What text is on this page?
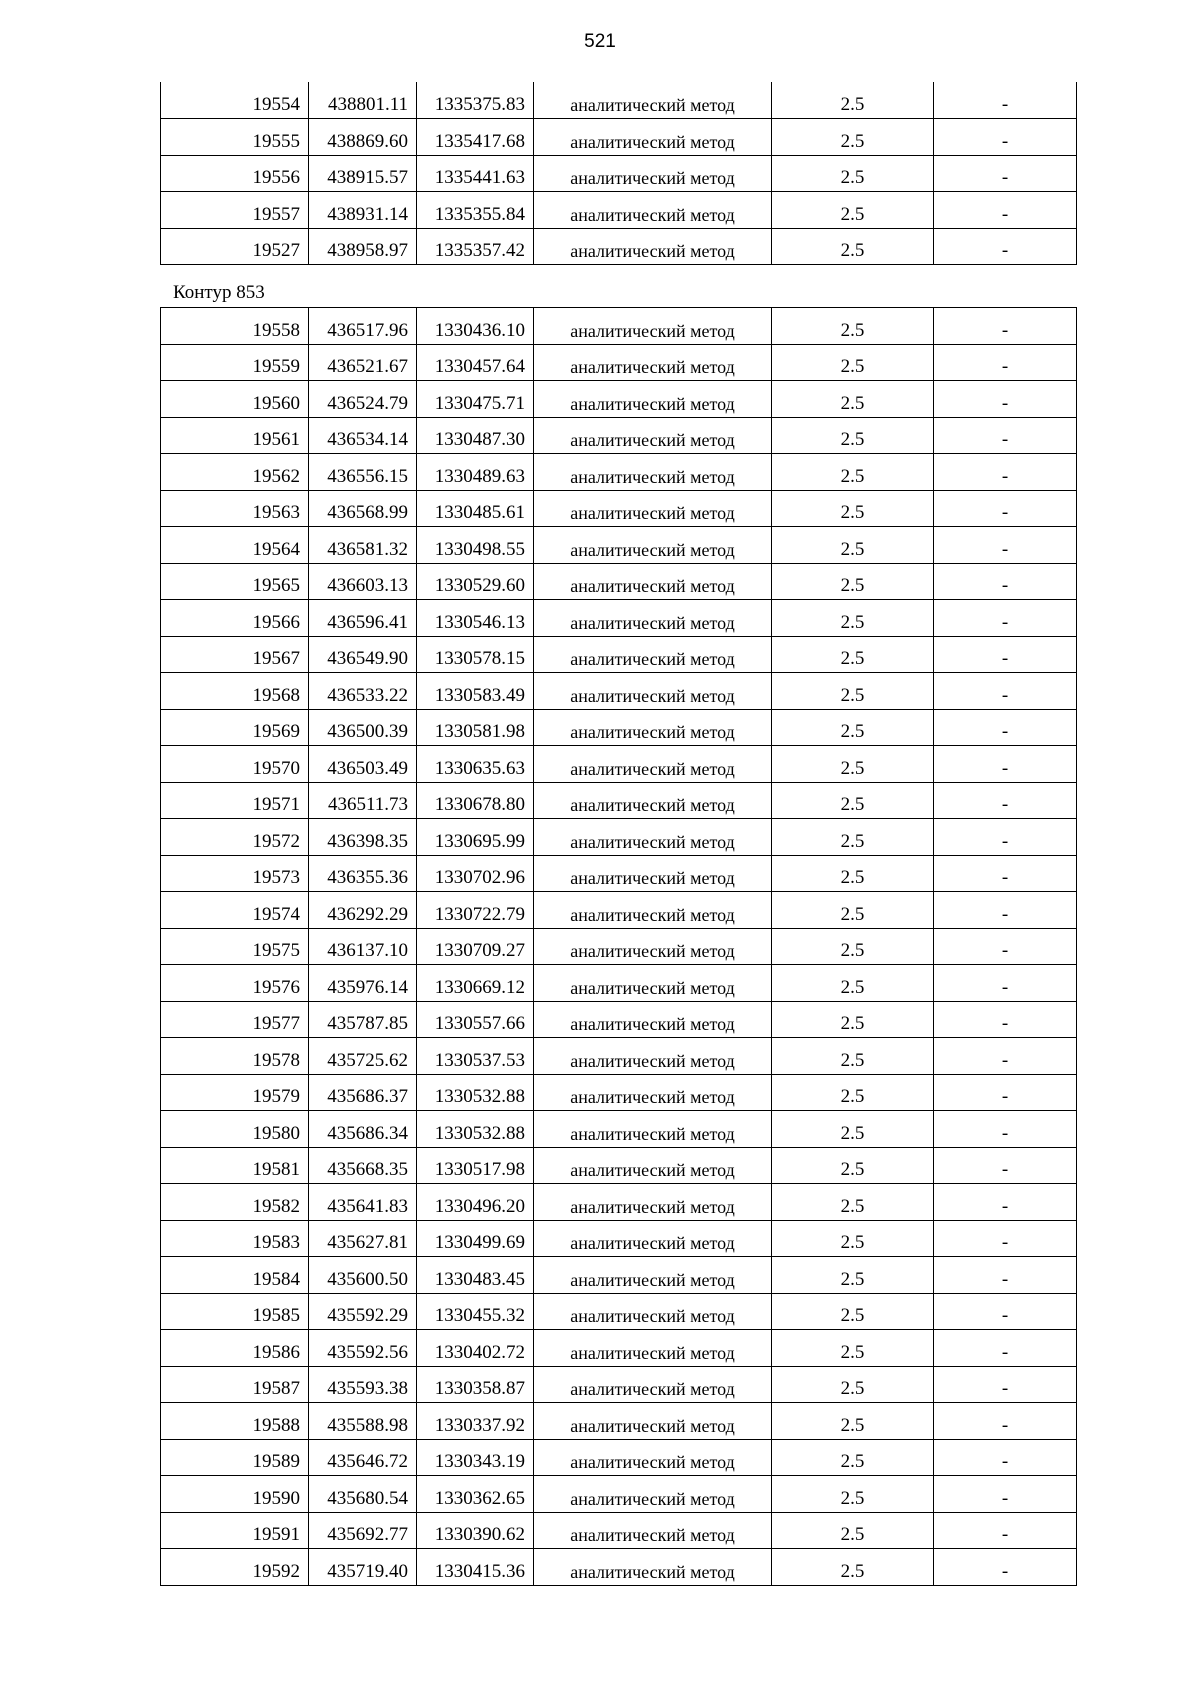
521
19554	438801.11	1335375.83	аналитический метод	2.5	-
19555	438869.60	1335417.68	аналитический метод	2.5	-
19556	438915.57	1335441.63	аналитический метод	2.5	-
19557	438931.14	1335355.84	аналитический метод	2.5	-
19527	438958.97	1335357.42	аналитический метод	2.5	-
Контур 853
19558	436517.96	1330436.10	аналитический метод	2.5	-
19559	436521.67	1330457.64	аналитический метод	2.5	-
19560	436524.79	1330475.71	аналитический метод	2.5	-
19561	436534.14	1330487.30	аналитический метод	2.5	-
19562	436556.15	1330489.63	аналитический метод	2.5	-
19563	436568.99	1330485.61	аналитический метод	2.5	-
19564	436581.32	1330498.55	аналитический метод	2.5	-
19565	436603.13	1330529.60	аналитический метод	2.5	-
19566	436596.41	1330546.13	аналитический метод	2.5	-
19567	436549.90	1330578.15	аналитический метод	2.5	-
19568	436533.22	1330583.49	аналитический метод	2.5	-
19569	436500.39	1330581.98	аналитический метод	2.5	-
19570	436503.49	1330635.63	аналитический метод	2.5	-
19571	436511.73	1330678.80	аналитический метод	2.5	-
19572	436398.35	1330695.99	аналитический метод	2.5	-
19573	436355.36	1330702.96	аналитический метод	2.5	-
19574	436292.29	1330722.79	аналитический метод	2.5	-
19575	436137.10	1330709.27	аналитический метод	2.5	-
19576	435976.14	1330669.12	аналитический метод	2.5	-
19577	435787.85	1330557.66	аналитический метод	2.5	-
19578	435725.62	1330537.53	аналитический метод	2.5	-
19579	435686.37	1330532.88	аналитический метод	2.5	-
19580	435686.34	1330532.88	аналитический метод	2.5	-
19581	435668.35	1330517.98	аналитический метод	2.5	-
19582	435641.83	1330496.20	аналитический метод	2.5	-
19583	435627.81	1330499.69	аналитический метод	2.5	-
19584	435600.50	1330483.45	аналитический метод	2.5	-
19585	435592.29	1330455.32	аналитический метод	2.5	-
19586	435592.56	1330402.72	аналитический метод	2.5	-
19587	435593.38	1330358.87	аналитический метод	2.5	-
19588	435588.98	1330337.92	аналитический метод	2.5	-
19589	435646.72	1330343.19	аналитический метод	2.5	-
19590	435680.54	1330362.65	аналитический метод	2.5	-
19591	435692.77	1330390.62	аналитический метод	2.5	-
19592	435719.40	1330415.36	аналитический метод	2.5	-
